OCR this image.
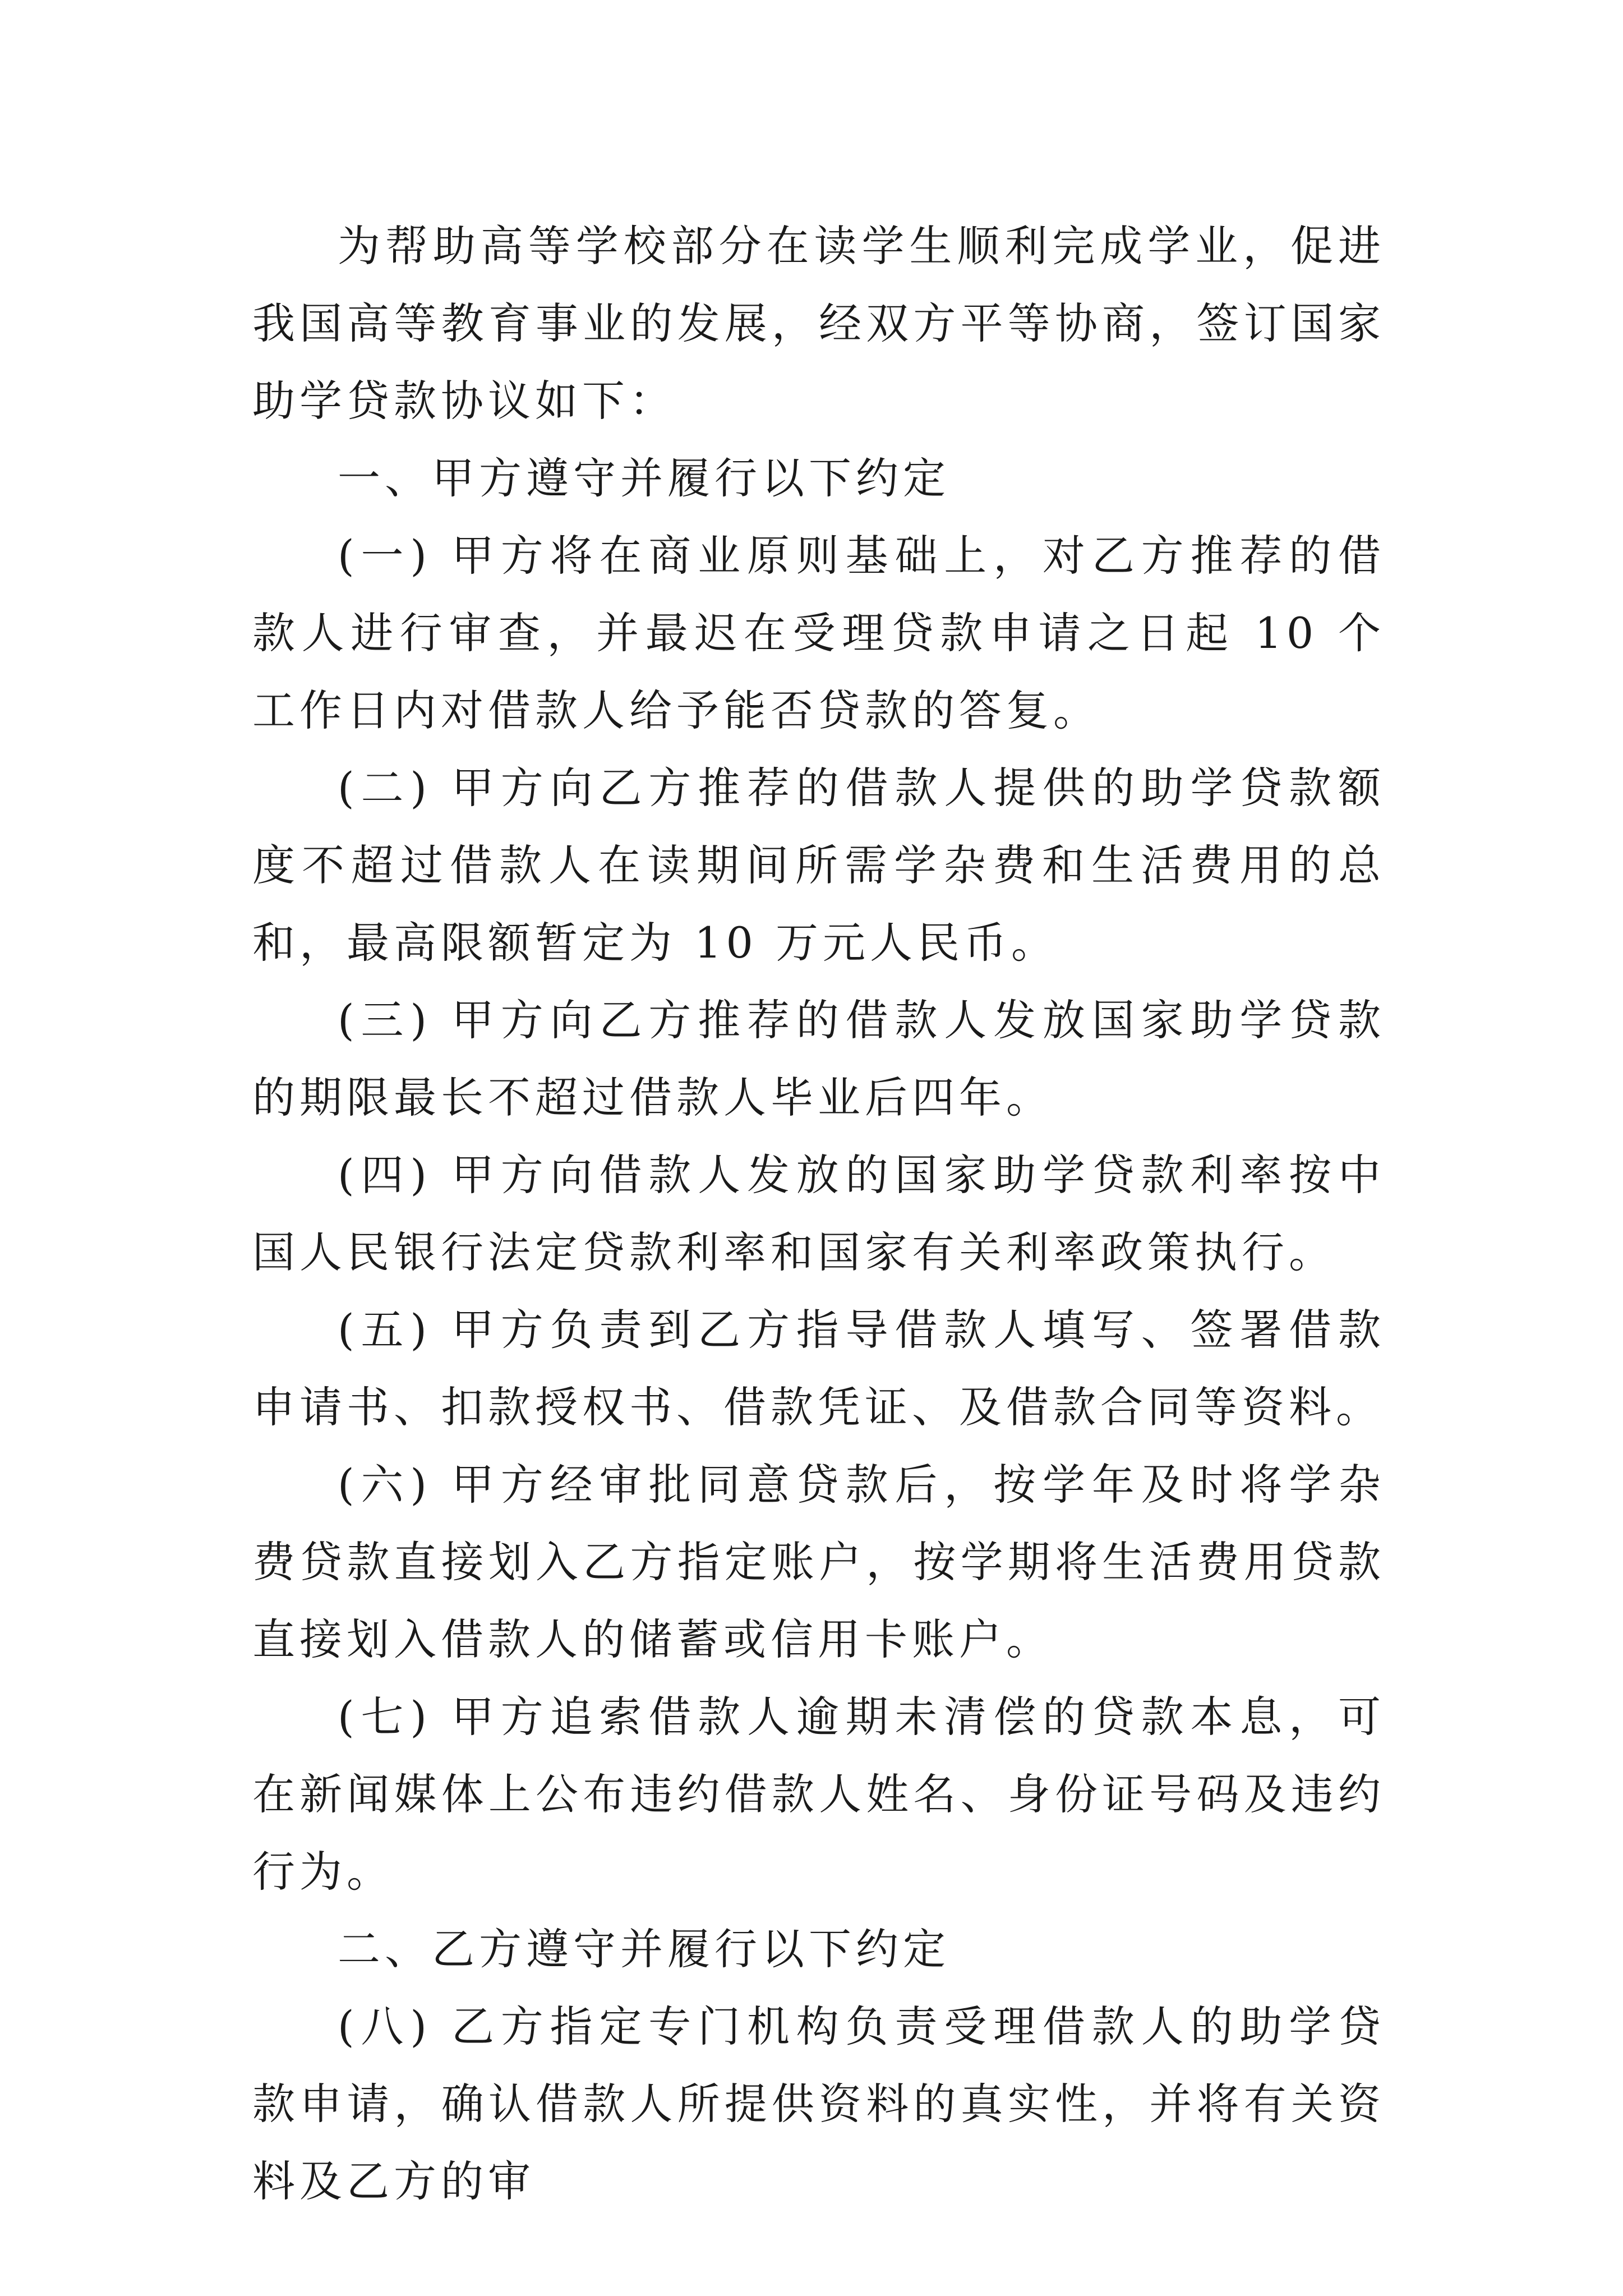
为帮助高等学校部分在读学生顺利完成学业，促进我国高等教育事业的发展，经双方平等协商，签订国家助学贷款协议如下：

一、甲方遵守并履行以下约定

(一) 甲方将在商业原则基础上，对乙方推荐的借款人进行审查，并最迟在受理贷款申请之日起 10 个工作日内对借款人给予能否贷款的答复。

(二) 甲方向乙方推荐的借款人提供的助学贷款额度不超过借款人在读期间所需学杂费和生活费用的总和，最高限额暂定为 10 万元人民币。

(三) 甲方向乙方推荐的借款人发放国家助学贷款的期限最长不超过借款人毕业后四年。

(四) 甲方向借款人发放的国家助学贷款利率按中国人民银行法定贷款利率和国家有关利率政策执行。

(五) 甲方负责到乙方指导借款人填写、签署借款申请书、扣款授权书、借款凭证、及借款合同等资料。

(六) 甲方经审批同意贷款后，按学年及时将学杂费贷款直接划入乙方指定账户，按学期将生活费用贷款直接划入借款人的储蓄或信用卡账户。

(七) 甲方追索借款人逾期未清偿的贷款本息，可在新闻媒体上公布违约借款人姓名、身份证号码及违约行为。

二、乙方遵守并履行以下约定

(八) 乙方指定专门机构负责受理借款人的助学贷款申请，确认借款人所提供资料的真实性，并将有关资料及乙方的审
